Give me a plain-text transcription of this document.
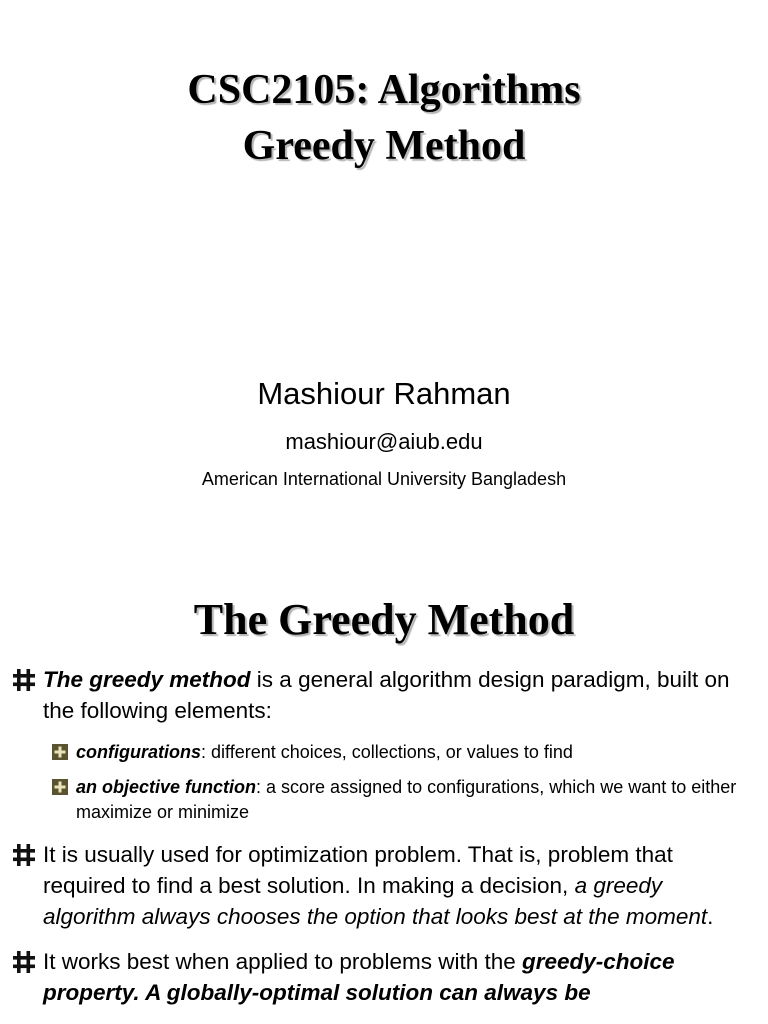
CSC2105: Algorithms
Greedy Method
Mashiour Rahman
mashiour@aiub.edu
American International University Bangladesh
The Greedy Method
The greedy method is a general algorithm design paradigm, built on the following elements:
configurations: different choices, collections, or values to find
an objective function: a score assigned to configurations, which we want to either maximize or minimize
It is usually used for optimization problem. That is, problem that required to find a best solution. In making a decision, a greedy algorithm always chooses the option that looks best at the moment.
It works best when applied to problems with the greedy-choice property. A globally-optimal solution can always be
